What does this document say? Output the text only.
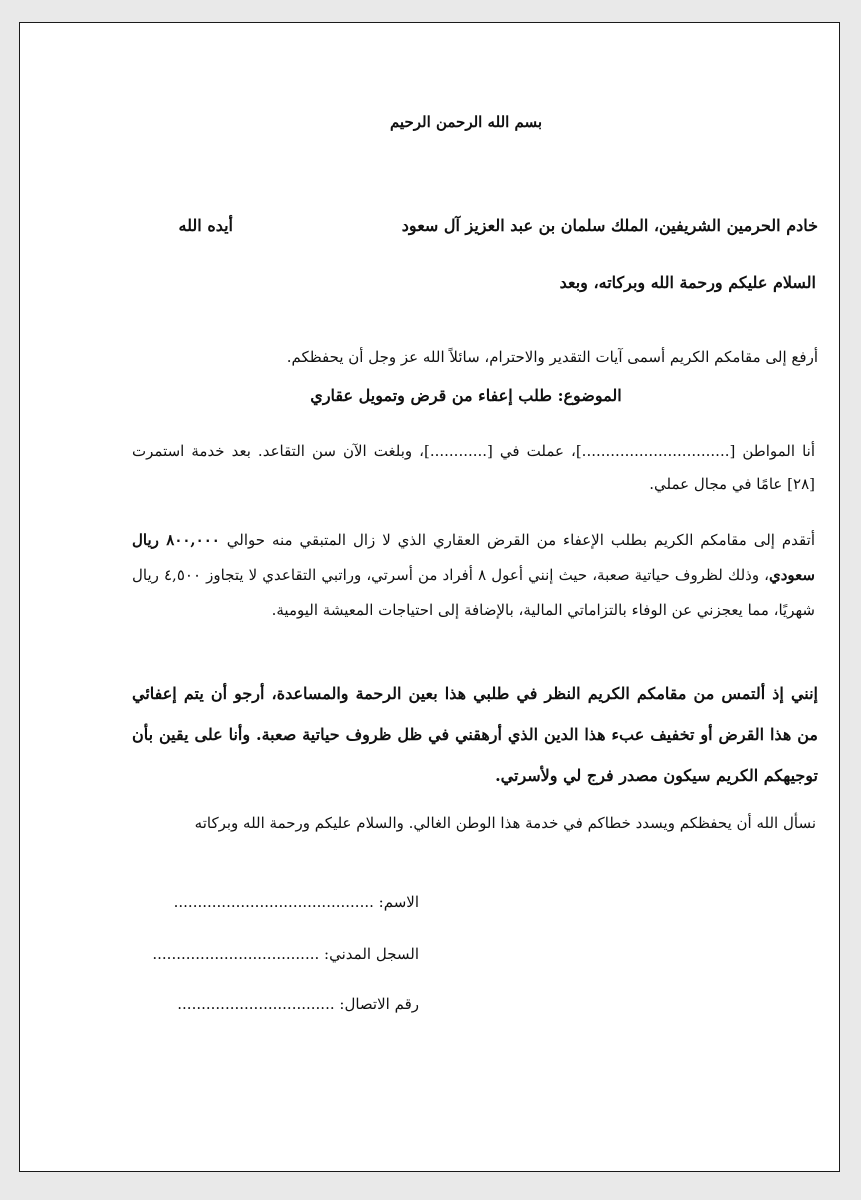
بسم الله الرحمن الرحيم
خادم الحرمين الشريفين، الملك سلمان بن عبد العزيز آل سعود
أيده الله
السلام عليكم ورحمة الله وبركاته، وبعد
أرفع إلى مقامكم الكريم أسمى آيات التقدير والاحترام، سائلاً الله عز وجل أن يحفظكم.
الموضوع: طلب إعفاء من قرض وتمويل عقاري
أنا المواطن [...............................]، عملت في [............]، وبلغت الآن سن التقاعد. بعد خدمة استمرت [٢٨] عامًا في مجال عملي.
أتقدم إلى مقامكم الكريم بطلب الإعفاء من القرض العقاري الذي لا زال المتبقي منه حوالي ٨٠٠,٠٠٠ ريال سعودي، وذلك لظروف حياتية صعبة، حيث إنني أعول ٨ أفراد من أسرتي، وراتبي التقاعدي لا يتجاوز ٤,٥٠٠ ريال شهريًا، مما يعجزني عن الوفاء بالتزاماتي المالية، بالإضافة إلى احتياجات المعيشة اليومية.
إنني إذ ألتمس من مقامكم الكريم النظر في طلبي هذا بعين الرحمة والمساعدة، أرجو أن يتم إعفائي من هذا القرض أو تخفيف عبء هذا الدين الذي أرهقني في ظل ظروف حياتية صعبة. وأنا على يقين بأن توجيهكم الكريم سيكون مصدر فرج لي ولأسرتي.
نسأل الله أن يحفظكم ويسدد خطاكم في خدمة هذا الوطن الغالي. والسلام عليكم ورحمة الله وبركاته
الاسم: ..........................................
السجل المدني: ...................................
رقم الاتصال: .................................
